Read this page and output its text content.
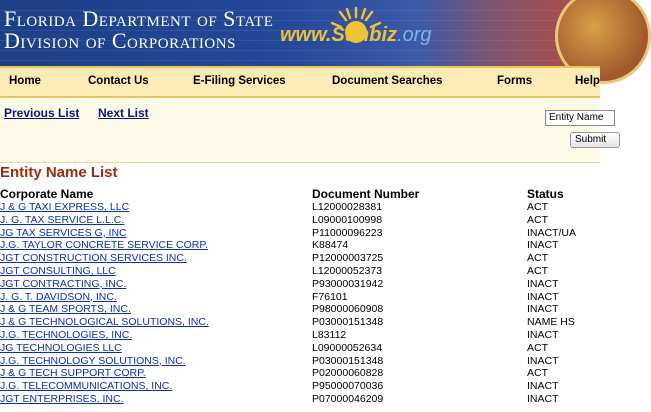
Florida Department of State
Division of Corporations www.Sunbiz.org
Home	Contact Us	E-Filing Services	Document Searches	Forms	Help
Previous List Next List	Entity Name
Submit
Entity Name List
Corporate Name	Document Number	Status
J & G TAXI EXPRESS, LLC	L12000028381	ACT
J. G. TAX SERVICE L.L.C.	L09000100998	ACT
JG TAX SERVICES G, INC	P11000096223	INACT/UA
J.G. TAYLOR CONCRETE SERVICE CORP.	K88474	INACT
JGT CONSTRUCTION SERVICES INC.	P12000003725	ACT
JGT CONSULTING, LLC	L12000052373	ACT
JGT CONTRACTING, INC.	P93000031942	INACT
J. G. T. DAVIDSON, INC.	F76101	INACT
J & G TEAM SPORTS, INC.	P98000060908	INACT
J & G TECHNOLOGICAL SOLUTIONS, INC.	P03000151348	NAME HS
J.G. TECHNOLOGIES, INC.	L83112	INACT
JG TECHNOLOGIES LLC	L09000052634	ACT
J.G. TECHNOLOGY SOLUTIONS, INC.	P03000151348	INACT
J & G TECH SUPPORT CORP.	P02000060828	ACT
J.G. TELECOMMUNICATIONS, INC.	P95000070036	INACT
JGT ENTERPRISES, INC.	P07000046209	INACT
